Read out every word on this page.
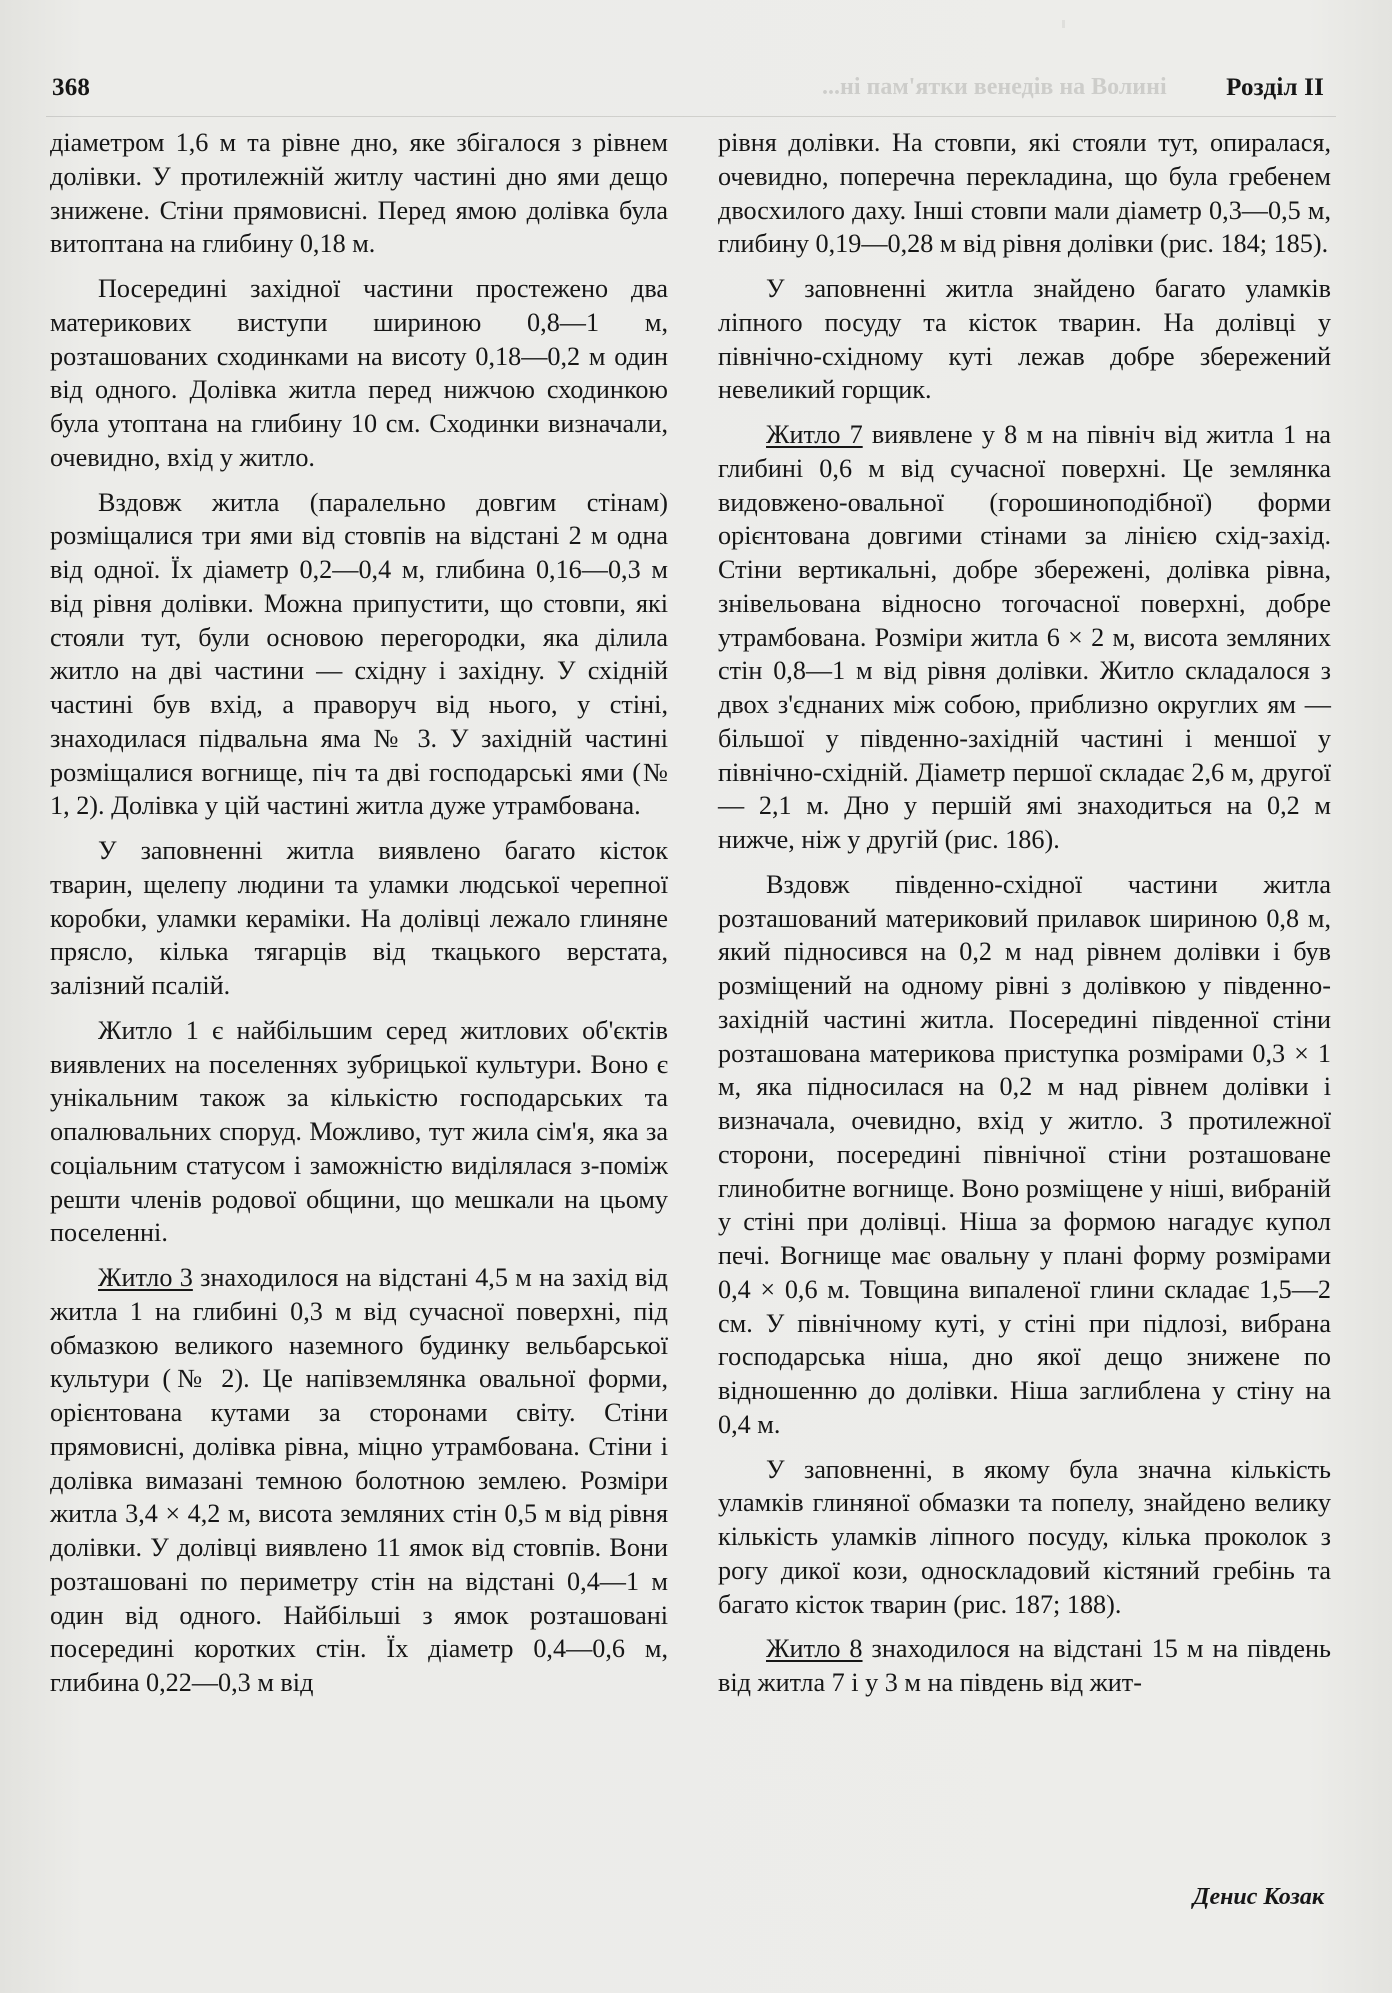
368	...ні пам'ятки венедів на Волині Розділ ІІ

діаметром 1,6 м та рівне дно, яке збігалося з рівнем долівки. У протилежній житлу частині дно ями дещо знижене. Стіни прямовисні. Перед ямою долівка була витоптана на глибину 0,18 м.

Посередині західної частини простежено два материкових виступи шириною 0,8—1 м, розташованих сходинками на висоту 0,18—0,2 м один від одного. Долівка житла перед нижчою сходинкою була утоптана на глибину 10 см. Сходинки визначали, очевидно, вхід у житло.

Вздовж житла (паралельно довгим стінам) розміщалися три ями від стовпів на відстані 2 м одна від одної. Їх діаметр 0,2—0,4 м, глибина 0,16—0,3 м від рівня долівки. Можна припустити, що стовпи, які стояли тут, були основою перегородки, яка ділила житло на дві частини — східну і західну. У східній частині був вхід, а праворуч від нього, у стіні, знаходилася підвальна яма № 3. У західній частині розміщалися вогнище, піч та дві господарські ями (№ 1, 2). Долівка у цій частині житла дуже утрамбована.

У заповненні житла виявлено багато кісток тварин, щелепу людини та уламки людської черепної коробки, уламки кераміки. На долівці лежало глиняне прясло, кілька тягарців від ткацького верстата, залізний псалій.

Житло 1 є найбільшим серед житлових об'єктів виявлених на поселеннях зубрицької культури. Воно є унікальним також за кількістю господарських та опалювальних споруд. Можливо, тут жила сім'я, яка за соціальним статусом і заможністю виділялася з-поміж решти членів родової общини, що мешкали на цьому поселенні.

Житло 3 знаходилося на відстані 4,5 м на захід від житла 1 на глибині 0,3 м від сучасної поверхні, під обмазкою великого наземного будинку вельбарської культури (№ 2). Це напівземлянка овальної форми, орієнтована кутами за сторонами світу. Стіни прямовисні, долівка рівна, міцно утрамбована. Стіни і долівка вимазані темною болотною землею. Розміри житла 3,4 × 4,2 м, висота земляних стін 0,5 м від рівня долівки. У долівці виявлено 11 ямок від стовпів. Вони розташовані по периметру стін на відстані 0,4—1 м один від одного. Найбільші з ямок розташовані посередині коротких стін. Їх діаметр 0,4—0,6 м, глибина 0,22—0,3 м від

рівня долівки. На стовпи, які стояли тут, опиралася, очевидно, поперечна перекладина, що була гребенем двосхилого даху. Інші стовпи мали діаметр 0,3—0,5 м, глибину 0,19—0,28 м від рівня долівки (рис. 184; 185).

У заповненні житла знайдено багато уламків ліпного посуду та кісток тварин. На долівці у північно-східному куті лежав добре збережений невеликий горщик.

Житло 7 виявлене у 8 м на північ від житла 1 на глибині 0,6 м від сучасної поверхні. Це землянка видовжено-овальної (горошиноподібної) форми орієнтована довгими стінами за лінією схід-захід. Стіни вертикальні, добре збережені, долівка рівна, знівельована відносно тогочасної поверхні, добре утрамбована. Розміри житла 6 × 2 м, висота земляних стін 0,8—1 м від рівня долівки. Житло складалося з двох з'єднаних між собою, приблизно округлих ям — більшої у південно-західній частині і меншої у північно-східній. Діаметр першої складає 2,6 м, другої — 2,1 м. Дно у першій ямі знаходиться на 0,2 м нижче, ніж у другій (рис. 186).

Вздовж південно-східної частини житла розташований материковий прилавок шириною 0,8 м, який підносився на 0,2 м над рівнем долівки і був розміщений на одному рівні з долівкою у південно-західній частині житла. Посередині південної стіни розташована материкова приступка розмірами 0,3 × 1 м, яка підносилася на 0,2 м над рівнем долівки і визначала, очевидно, вхід у житло. З протилежної сторони, посередині північної стіни розташоване глинобитне вогнище. Воно розміщене у ніші, вибраній у стіні при долівці. Ніша за формою нагадує купол печі. Вогнище має овальну у плані форму розмірами 0,4 × 0,6 м. Товщина випаленої глини складає 1,5—2 см. У північному куті, у стіні при підлозі, вибрана господарська ніша, дно якої дещо знижене по відношенню до долівки. Ніша заглиблена у стіну на 0,4 м.

У заповненні, в якому була значна кількість уламків глиняної обмазки та попелу, знайдено велику кількість уламків ліпного посуду, кілька проколок з рогу дикої кози, односкладовий кістяний гребінь та багато кісток тварин (рис. 187; 188).

Житло 8 знаходилося на відстані 15 м на південь від житла 7 і у 3 м на південь від жит-

Денис Козак
